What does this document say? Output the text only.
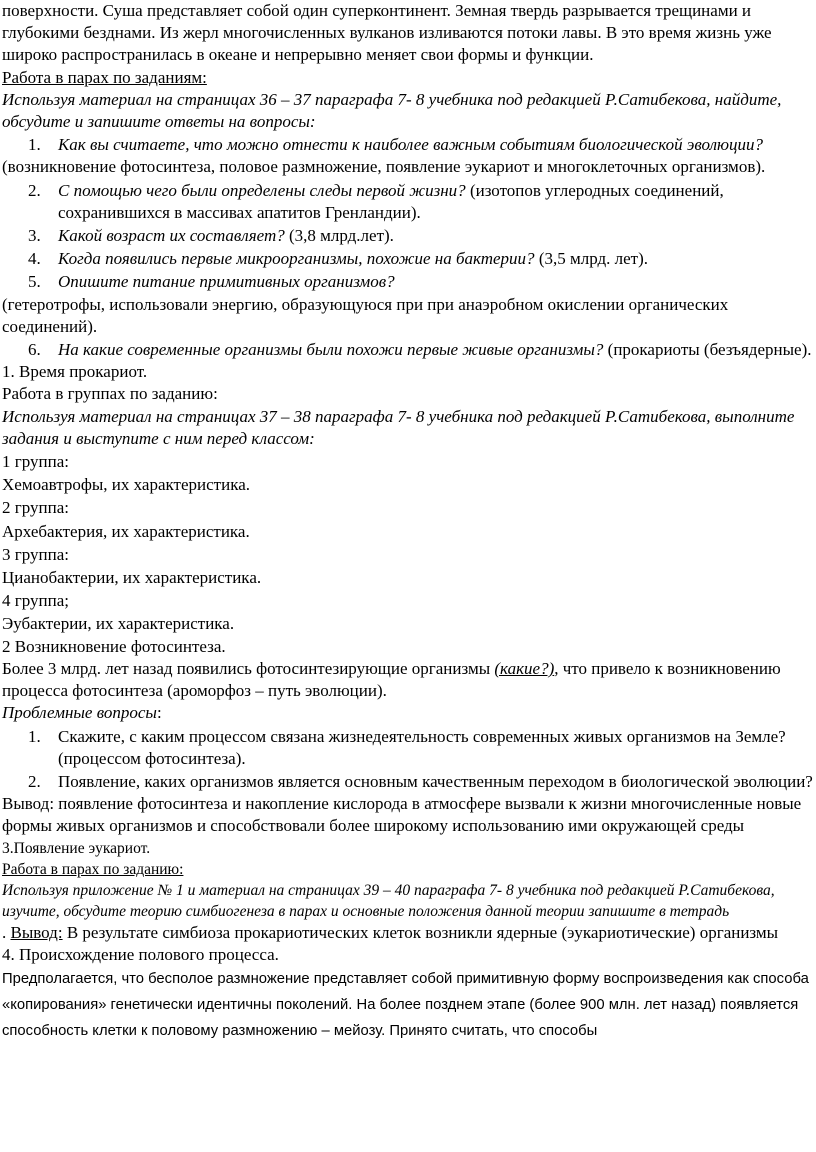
поверхности. Суша представляет собой один суперконтинент. Земная твердь разрывается трещинами и глубокими безднами. Из жерл многочисленных вулканов изливаются потоки лавы. В это время жизнь уже широко распространилась в океане и непрерывно меняет свои формы и функции.

Работа в парах по заданиям:

Используя материал на страницах 36 – 37 параграфа 7- 8 учебника под редакцией Р.Сатибекова, найдите, обсудите и запишите ответы на вопросы:

1. Как вы считаете, что можно отнести к наиболее важным событиям биологической эволюции?

(возникновение фотосинтеза, половое размножение, появление эукариот и многоклеточных организмов).

2. С помощью чего были определены следы первой жизни? (изотопов углеродных соединений, сохранившихся в массивах апатитов Гренландии).
3. Какой возраст их составляет? (3,8 млрд.лет).
4. Когда появились первые микроорганизмы, похожие на бактерии? (3,5 млрд. лет).
5. Опишите питание примитивных организмов?

(гетеротрофы, использовали энергию, образующуюся при при анаэробном окислении органических соединений).

6. На какие современные организмы были похожи первые живые организмы? (прокариоты (безъядерные).

1. Время прокариот.

Работа в группах по заданию:

Используя материал на страницах 37 – 38 параграфа 7- 8 учебника под редакцией Р.Сатибекова, выполните задания и выступите с ним перед классом:

1 группа:

Хемоавтрофы, их характеристика.

2 группа:

Архебактерия, их характеристика.

3 группа:

Цианобактерии, их характеристика.

4 группа;

Эубактерии, их характеристика.

2 Возникновение фотосинтеза.

Более 3 млрд. лет назад появились фотосинтезирующие организмы (какие?), что привело к возникновению процесса фотосинтеза (ароморфоз – путь эволюции).

Проблемные вопросы:

1. Скажите, с каким процессом связана жизнедеятельность современных живых организмов на Земле? (процессом фотосинтеза).
2. Появление, каких организмов является основным качественным переходом в биологической эволюции?

Вывод: появление фотосинтеза и накопление кислорода в атмосфере вызвали к жизни многочисленные новые формы живых организмов и способствовали более широкому использованию ими окружающей среды

3.Появление эукариот.

Работа в парах по заданию:

Используя приложение № 1 и материал на страницах 39 – 40 параграфа 7- 8 учебника под редакцией Р.Сатибекова, изучите, обсудите теорию симбиогенеза в парах и основные положения данной теории запишите в тетрадь

. Вывод: В результате симбиоза прокариотических клеток возникли ядерные (эукариотические) организмы

4. Происхождение полового процесса.

Предполагается, что бесполое размножение представляет собой примитивную форму воспроизведения как способа «копирования» генетически идентичны поколений. На более позднем этапе (более 900 млн. лет назад) появляется способность клетки к половому размножению – мейозу. Принято считать, что способы
